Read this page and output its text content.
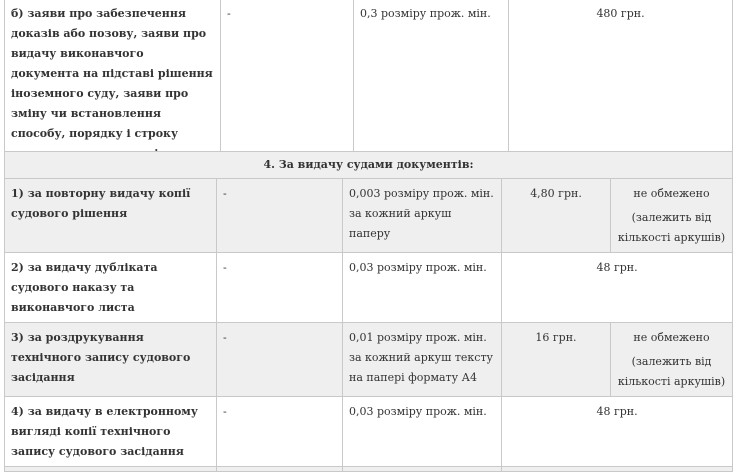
б) заяви про забезпечення доказів або позову, заяви про видачу виконавчого документа на підставі рішення іноземного суду, заяви про зміну чи встановлення способу, порядку і строку	-	0,3 розміру прож. мін.	480 грн.
4. За видачу судами документів:				
1) за повторну видачу копії судового рішення	-	0,003 розміру прож. мін. за кожний аркуш паперу	4,80 грн.	не обмежено
(залежить від кількості аркушів)

2) за видачу дубліката судового наказу та виконавчого листа	-	0,03 розміру прож. мін.	48 грн.	
3) за роздрукування технічного запису судового засідання	-	0,01 розміру прож. мін. за кожний аркуш тексту на папері формату А4	16 грн.	не обмежено
(залежить від кількості аркушів)

4) за видачу в електронному вигляді копії технічного запису судового засідання	-	0,03 розміру прож. мін.	48 грн.	
